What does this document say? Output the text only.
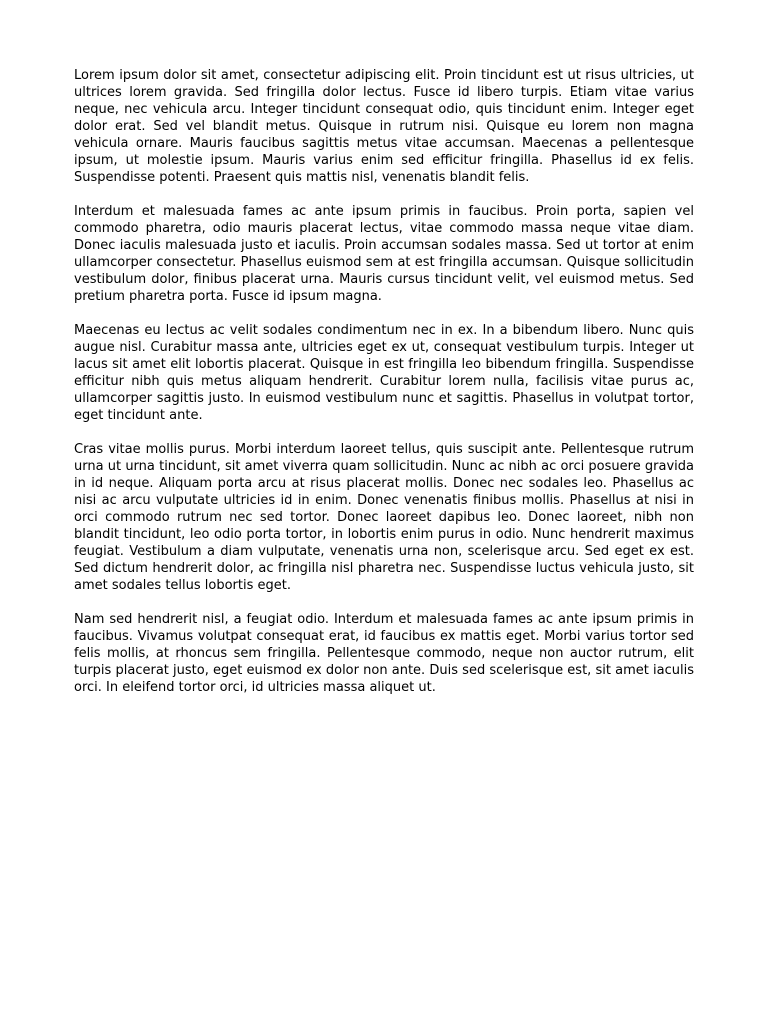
Lorem ipsum dolor sit amet, consectetur adipiscing elit. Proin tincidunt est ut risus ultricies, ut ultrices lorem gravida. Sed fringilla dolor lectus. Fusce id libero turpis. Etiam vitae varius neque, nec vehicula arcu. Integer tincidunt consequat odio, quis tincidunt enim. Integer eget dolor erat. Sed vel blandit metus. Quisque in rutrum nisi. Quisque eu lorem non magna vehicula ornare. Mauris faucibus sagittis metus vitae accumsan. Maecenas a pellentesque ipsum, ut molestie ipsum. Mauris varius enim sed efficitur fringilla. Phasellus id ex felis. Suspendisse potenti. Praesent quis mattis nisl, venenatis blandit felis.

Interdum et malesuada fames ac ante ipsum primis in faucibus. Proin porta, sapien vel commodo pharetra, odio mauris placerat lectus, vitae commodo massa neque vitae diam. Donec iaculis malesuada justo et iaculis. Proin accumsan sodales massa. Sed ut tortor at enim ullamcorper consectetur. Phasellus euismod sem at est fringilla accumsan. Quisque sollicitudin vestibulum dolor, finibus placerat urna. Mauris cursus tincidunt velit, vel euismod metus. Sed pretium pharetra porta. Fusce id ipsum magna.

Maecenas eu lectus ac velit sodales condimentum nec in ex. In a bibendum libero. Nunc quis augue nisl. Curabitur massa ante, ultricies eget ex ut, consequat vestibulum turpis. Integer ut lacus sit amet elit lobortis placerat. Quisque in est fringilla leo bibendum fringilla. Suspendisse efficitur nibh quis metus aliquam hendrerit. Curabitur lorem nulla, facilisis vitae purus ac, ullamcorper sagittis justo. In euismod vestibulum nunc et sagittis. Phasellus in volutpat tortor, eget tincidunt ante.

Cras vitae mollis purus. Morbi interdum laoreet tellus, quis suscipit ante. Pellentesque rutrum urna ut urna tincidunt, sit amet viverra quam sollicitudin. Nunc ac nibh ac orci posuere gravida in id neque. Aliquam porta arcu at risus placerat mollis. Donec nec sodales leo. Phasellus ac nisi ac arcu vulputate ultricies id in enim. Donec venenatis finibus mollis. Phasellus at nisi in orci commodo rutrum nec sed tortor. Donec laoreet dapibus leo. Donec laoreet, nibh non blandit tincidunt, leo odio porta tortor, in lobortis enim purus in odio. Nunc hendrerit maximus feugiat. Vestibulum a diam vulputate, venenatis urna non, scelerisque arcu. Sed eget ex est. Sed dictum hendrerit dolor, ac fringilla nisl pharetra nec. Suspendisse luctus vehicula justo, sit amet sodales tellus lobortis eget.

Nam sed hendrerit nisl, a feugiat odio. Interdum et malesuada fames ac ante ipsum primis in faucibus. Vivamus volutpat consequat erat, id faucibus ex mattis eget. Morbi varius tortor sed felis mollis, at rhoncus sem fringilla. Pellentesque commodo, neque non auctor rutrum, elit turpis placerat justo, eget euismod ex dolor non ante. Duis sed scelerisque est, sit amet iaculis orci. In eleifend tortor orci, id ultricies massa aliquet ut.
